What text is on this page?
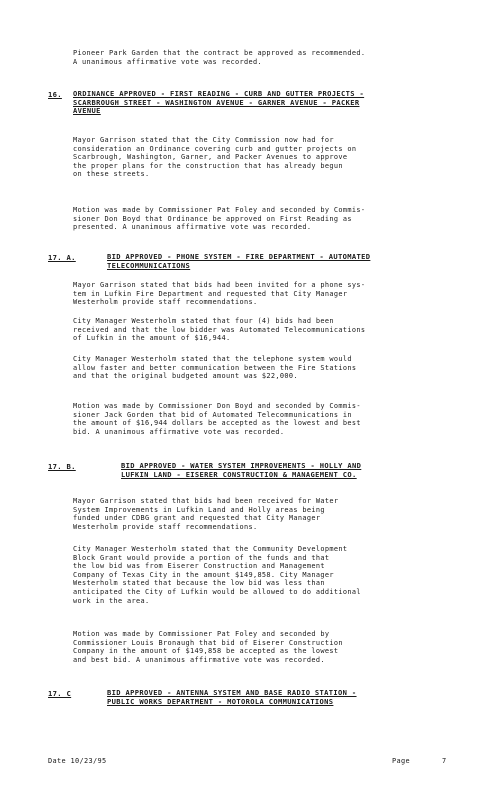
Pioneer Park Garden that the contract be approved as recommended.
A unanimous affirmative vote was recorded.
16. ORDINANCE APPROVED - FIRST READING - CURB AND GUTTER PROJECTS -
SCARBROUGH STREET - WASHINGTON AVENUE - GARNER AVENUE - PACKER
AVENUE
Mayor Garrison stated that the City Commission now had for
consideration an Ordinance covering curb and gutter projects on
Scarbrough, Washington, Garner, and Packer Avenues to approve
the proper plans for the construction that has already begun
on these streets.
Motion was made by Commissioner Pat Foley and seconded by Commis-
sioner Don Boyd that Ordinance be approved on First Reading as
presented. A unanimous affirmative vote was recorded.
17. A.	BID APPROVED - PHONE SYSTEM - FIRE DEPARTMENT - AUTOMATED
TELECOMMUNICATIONS
Mayor Garrison stated that bids had been invited for a phone sys-
tem in Lufkin Fire Department and requested that City Manager
Westerholm provide staff recommendations.
City Manager Westerholm stated that four (4) bids had been
received and that the low bidder was Automated Telecommunications
of Lufkin in the amount of $16,944.
City Manager Westerholm stated that the telephone system would
allow faster and better communication between the Fire Stations
and that the original budgeted amount was $22,000.
Motion was made by Commissioner Don Boyd and seconded by Commis-
sioner Jack Gorden that bid of Automated Telecommunications in
the amount of $16,944 dollars be accepted as the lowest and best
bid. A unanimous affirmative vote was recorded.
17. B.	BID APPROVED - WATER SYSTEM IMPROVEMENTS - HOLLY AND
LUFKIN LAND - EISERER CONSTRUCTION & MANAGEMENT CO.
Mayor Garrison stated that bids had been received for Water
System Improvements in Lufkin Land and Holly areas being
funded under CDBG grant and requested that City Manager
Westerholm provide staff recommendations.
City Manager Westerholm stated that the Community Development
Block Grant would provide a portion of the funds and that
the low bid was from Eiserer Construction and Management
Company of Texas City in the amount $149,858. City Manager
Westerholm stated that because the low bid was less than
anticipated the City of Lufkin would be allowed to do additional
work in the area.
Motion was made by Commissioner Pat Foley and seconded by
Commissioner Louis Bronaugh that bid of Eiserer Construction
Company in the amount of $149,858 be accepted as the lowest
and best bid. A unanimous affirmative vote was recorded.
17. C	BID APPROVED - ANTENNA SYSTEM AND BASE RADIO STATION -
PUBLIC WORKS DEPARTMENT - MOTOROLA COMMUNICATIONS
Date 10/23/95	Page	7
